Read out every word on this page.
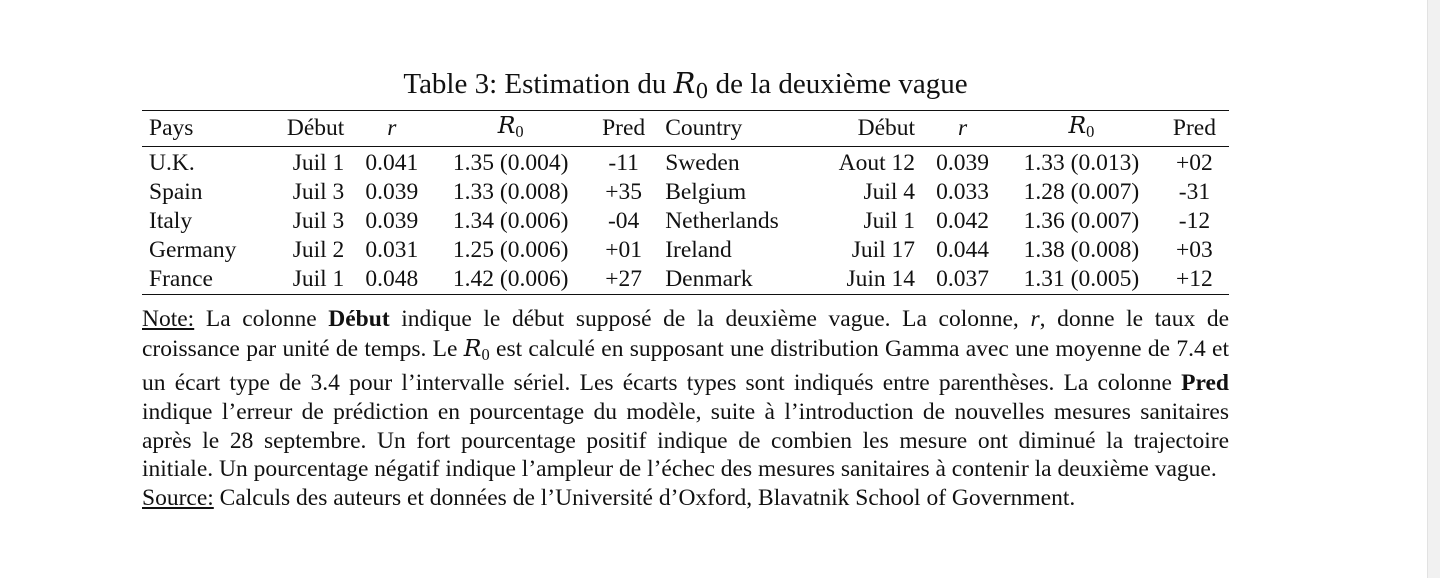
Table 3: Estimation du $R_0$ de la deuxième vague
Pays	Début	r	$R_0$	Pred	Country	Début	r	$R_0$	Pred
U.K.	Juil 1	0.041	1.35 (0.004)	-11	Sweden	Aout 12	0.039	1.33 (0.013)	+02
Spain	Juil 3	0.039	1.33 (0.008)	+35	Belgium	Juil 4	0.033	1.28 (0.007)	-31
Italy	Juil 3	0.039	1.34 (0.006)	-04	Netherlands	Juil 1	0.042	1.36 (0.007)	-12
Germany	Juil 2	0.031	1.25 (0.006)	+01	Ireland	Juil 17	0.044	1.38 (0.008)	+03
France	Juil 1	0.048	1.42 (0.006)	+27	Denmark	Juin 14	0.037	1.31 (0.005)	+12
Note: La colonne Début indique le début supposé de la deuxième vague. La colonne, r, donne le taux de croissance par unité de temps. Le $R_0$ est calculé en supposant une distribution Gamma avec une moyenne de 7.4 et un écart type de 3.4 pour l’intervalle sériel. Les écarts types sont indiqués entre parenthèses. La colonne Pred indique l’erreur de prédiction en pourcentage du modèle, suite à l’introduction de nouvelles mesures sanitaires après le 28 septembre. Un fort pourcentage positif indique de combien les mesure ont diminué la trajectoire initiale. Un pourcentage négatif indique l’ampleur de l’échec des mesures sanitaires à contenir la deuxième vague.
Source: Calculs des auteurs et données de l’Université d’Oxford, Blavatnik School of Government.
